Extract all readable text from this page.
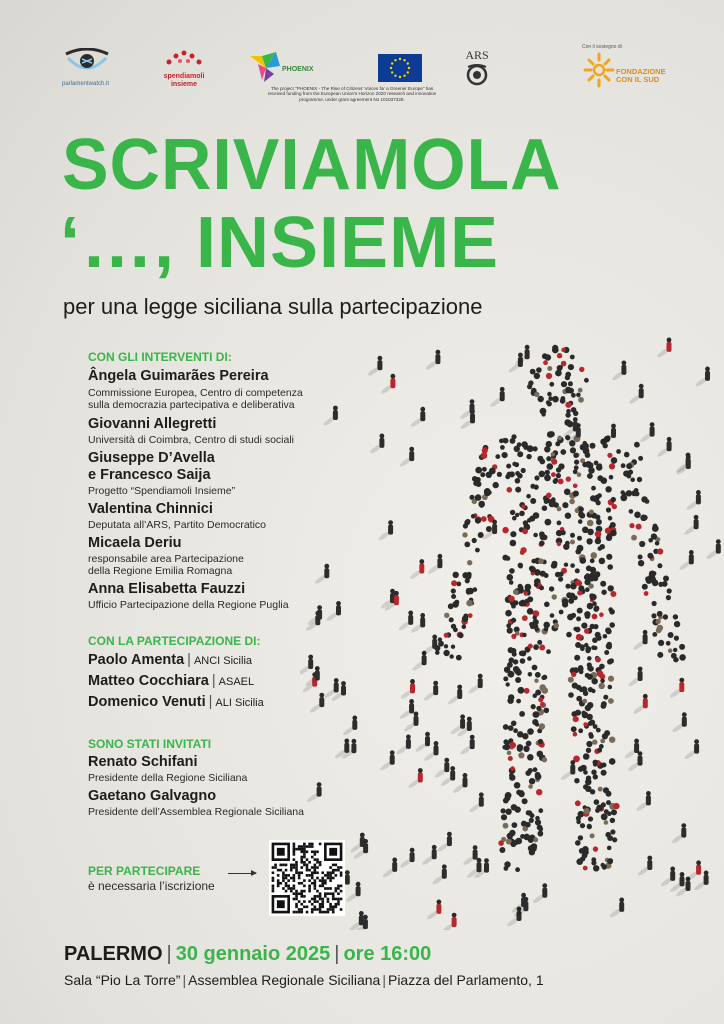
parlamentwatch.it
spendiamoli insieme
PHOENIX
The project "PHOENIX - The Rise of Citizens' Voices for a Greener Europe" has received funding from the European Union's Horizon 2020 research and innovation programme, under grant agreement No 101037328.
ARS
Con il sostegno di
FONDAZIONE CON IL SUD
SCRIVIAMOLA
‘…, INSIEME
per una legge siciliana sulla partecipazione
CON GLI INTERVENTI DI:
Ângela Guimarães Pereira
Commissione Europea, Centro di competenza
sulla democrazia partecipativa e deliberativa
Giovanni Allegretti
Università di Coimbra, Centro di studi sociali
Giuseppe D’Avella
e Francesco Saija
Progetto “Spendiamoli Insieme”
Valentina Chinnici
Deputata all’ARS, Partito Democratico
Micaela Deriu
responsabile area Partecipazione
della Regione Emilia Romagna
Anna Elisabetta Fauzzi
Ufficio Partecipazione della Regione Puglia
CON LA PARTECIPAZIONE DI:
Paolo Amenta | ANCI Sicilia
Matteo Cocchiara | ASAEL
Domenico Venuti | ALI Sicilia
SONO STATI INVITATI
Renato Schifani
Presidente della Regione Siciliana
Gaetano Galvagno
Presidente dell’Assemblea Regionale Siciliana
PER PARTECIPARE
è necessaria l’iscrizione
PALERMO | 30 gennaio 2025 | ore 16:00
Sala “Pio La Torre” | Assemblea Regionale Siciliana | Piazza del Parlamento, 1
